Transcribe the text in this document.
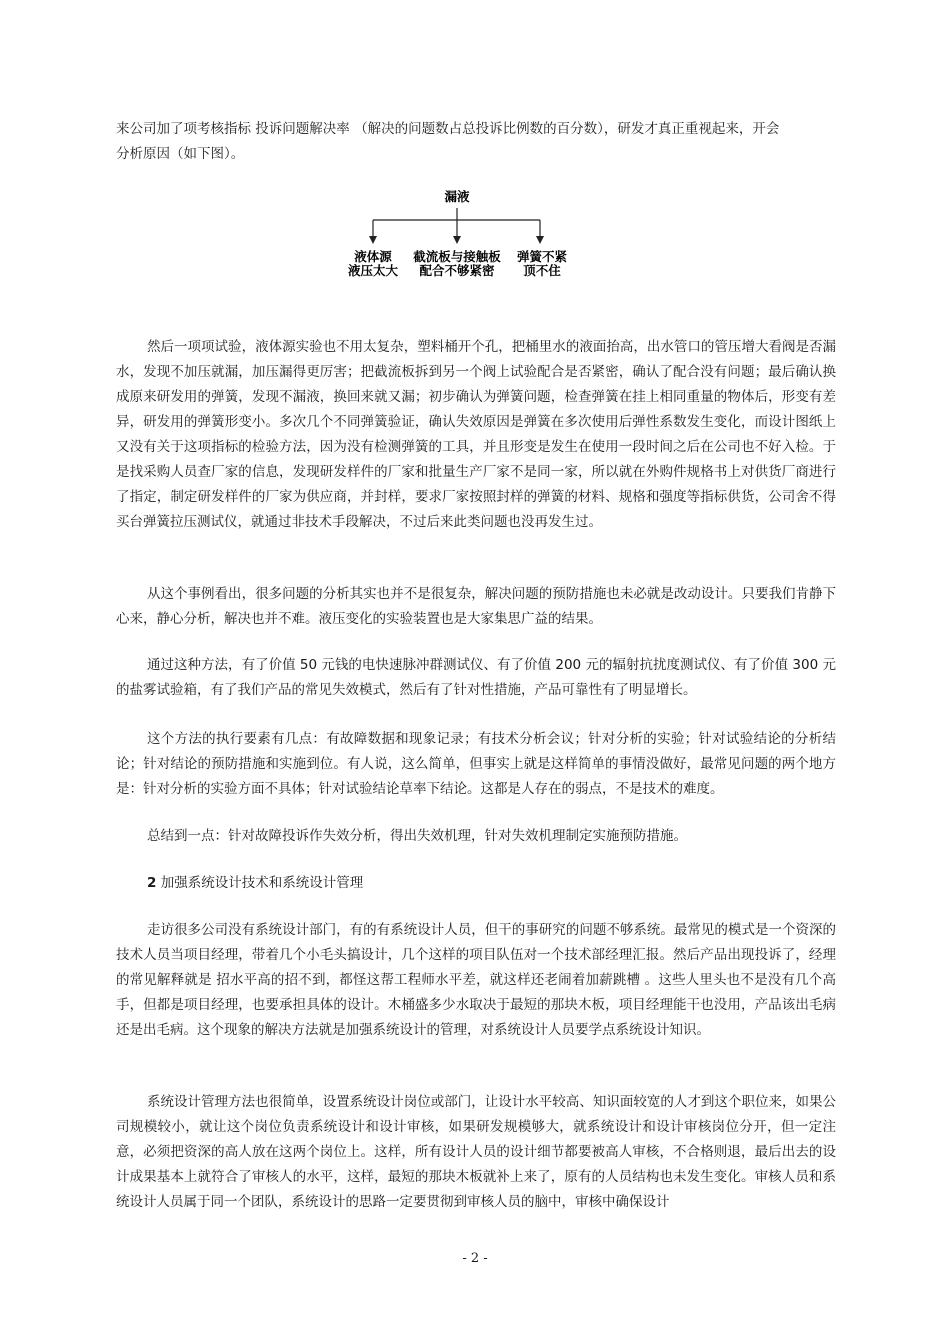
来公司加了项考核指标 投诉问题解决率 （解决的问题数占总投诉比例数的百分数），研发才真正重视起来，开会
分析原因（如下图）。

漏液
液体源
液压太大
截流板与接触板
配合不够紧密
弹簧不紧
顶不住

然后一项项试验，液体源实验也不用太复杂，塑料桶开个孔，把桶里水的液面抬高，出水管口的管压增大看阀是否漏水，发现不加压就漏，加压漏得更厉害；把截流板拆到另一个阀上试验配合是否紧密，确认了配合没有问题；最后确认换成原来研发用的弹簧，发现不漏液，换回来就又漏；初步确认为弹簧问题，检查弹簧在挂上相同重量的物体后，形变有差异，研发用的弹簧形变小。多次几个不同弹簧验证，确认失效原因是弹簧在多次使用后弹性系数发生变化，而设计图纸上又没有关于这项指标的检验方法，因为没有检测弹簧的工具，并且形变是发生在使用一段时间之后在公司也不好入检。于是找采购人员查厂家的信息，发现研发样件的厂家和批量生产厂家不是同一家，所以就在外购件规格书上对供货厂商进行了指定，制定研发样件的厂家为供应商，并封样，要求厂家按照封样的弹簧的材料、规格和强度等指标供货，公司舍不得买台弹簧拉压测试仪，就通过非技术手段解决，不过后来此类问题也没再发生过。

从这个事例看出，很多问题的分析其实也并不是很复杂，解决问题的预防措施也未必就是改动设计。只要我们肯静下心来，静心分析，解决也并不难。液压变化的实验装置也是大家集思广益的结果。

通过这种方法，有了价值 50 元钱的电快速脉冲群测试仪、有了价值 200 元的辐射抗扰度测试仪、有了价值 300 元的盐雾试验箱，有了我们产品的常见失效模式，然后有了针对性措施，产品可靠性有了明显增长。

这个方法的执行要素有几点：有故障数据和现象记录；有技术分析会议；针对分析的实验；针对试验结论的分析结论；针对结论的预防措施和实施到位。有人说，这么简单，但事实上就是这样简单的事情没做好，最常见问题的两个地方是：针对分析的实验方面不具体；针对试验结论草率下结论。这都是人存在的弱点，不是技术的难度。

总结到一点：针对故障投诉作失效分析，得出失效机理，针对失效机理制定实施预防措施。

2 加强系统设计技术和系统设计管理

走访很多公司没有系统设计部门，有的有系统设计人员，但干的事研究的问题不够系统。最常见的模式是一个资深的技术人员当项目经理，带着几个小毛头搞设计，几个这样的项目队伍对一个技术部经理汇报。然后产品出现投诉了，经理的常见解释就是 招水平高的招不到，都怪这帮工程师水平差，就这样还老闹着加薪跳槽 。这些人里头也不是没有几个高手，但都是项目经理，也要承担具体的设计。木桶盛多少水取决于最短的那块木板，项目经理能干也没用，产品该出毛病还是出毛病。这个现象的解决方法就是加强系统设计的管理，对系统设计人员要学点系统设计知识。

系统设计管理方法也很简单，设置系统设计岗位或部门，让设计水平较高、知识面较宽的人才到这个职位来，如果公司规模较小，就让这个岗位负责系统设计和设计审核，如果研发规模够大，就系统设计和设计审核岗位分开，但一定注意，必须把资深的高人放在这两个岗位上。这样，所有设计人员的设计细节都要被高人审核，不合格则退，最后出去的设计成果基本上就符合了审核人的水平，这样，最短的那块木板就补上来了，原有的人员结构也未发生变化。审核人员和系统设计人员属于同一个团队，系统设计的思路一定要贯彻到审核人员的脑中，审核中确保设计

- 2 -
